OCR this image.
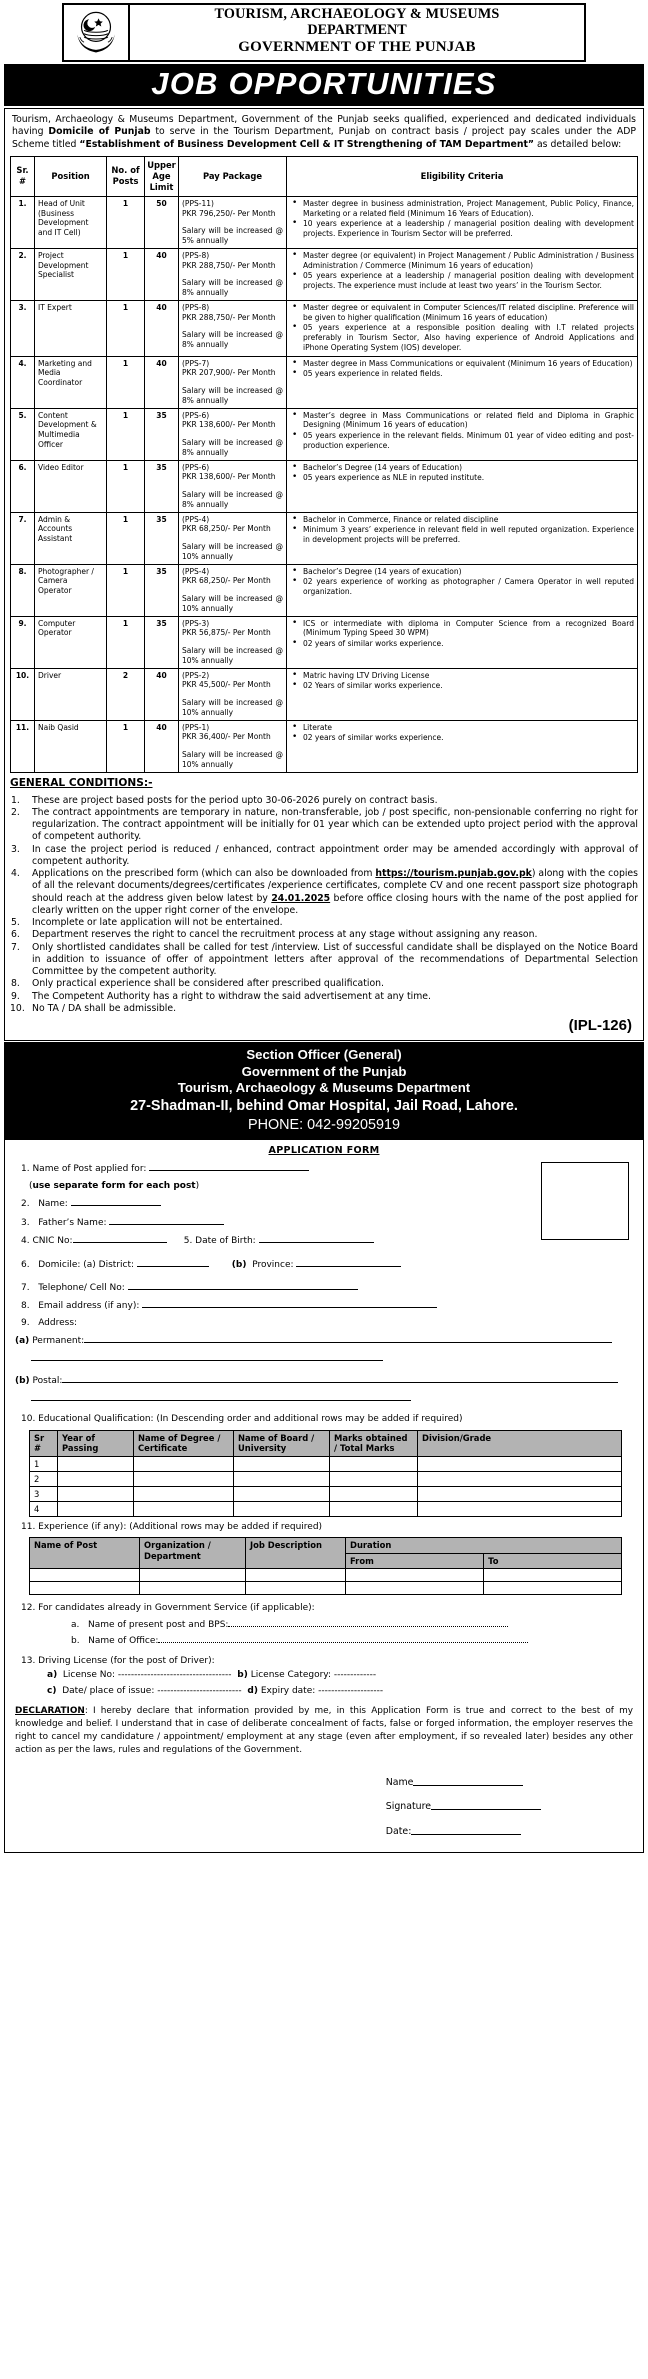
TOURISM, ARCHAEOLOGY & MUSEUMS
DEPARTMENT
GOVERNMENT OF THE PUNJAB
JOB OPPORTUNITIES

Tourism, Archaeology & Museums Department, Government of the Punjab seeks qualified, experienced and dedicated individuals having Domicile of Punjab to serve in the Tourism Department, Punjab on contract basis / project pay scales under the ADP Scheme titled “Establishment of Business Development Cell & IT Strengthening of TAM Department” as detailed below:

Sr. #	Position	No. of Posts	Upper Age Limit	Pay Package	Eligibility Criteria
1.	Head of Unit (Business Development and IT Cell)	1	50	(PPS-11)
PKR 796,250/- Per Month
Salary will be increased @ 5% annually

• Master degree in business administration, Project Management, Public Policy, Finance, Marketing or a related field (Minimum 16 Years of Education).
• 10 years experience at a leadership / managerial position dealing with development projects. Experience in Tourism Sector will be preferred.

2.	Project Development Specialist	1	40	(PPS-8)
PKR 288,750/- Per Month
Salary will be increased @ 8% annually

• Master degree (or equivalent) in Project Management / Public Administration / Business Administration / Commerce (Minimum 16 years of education)
• 05 years experience at a leadership / managerial position dealing with development projects. The experience must include at least two years’ in the Tourism Sector.

3.	IT Expert	1	40	(PPS-8)
PKR 288,750/- Per Month
Salary will be increased @ 8% annually

• Master degree or equivalent in Computer Sciences/IT related discipline. Preference will be given to higher qualification (Minimum 16 years of education)
• 05 years experience at a responsible position dealing with I.T related projects preferably in Tourism Sector, Also having experience of Android Applications and iPhone Operating System (IOS) developer.

4.	Marketing and Media Coordinator	1	40	(PPS-7)
PKR 207,900/- Per Month
Salary will be increased @ 8% annually

• Master degree in Mass Communications or equivalent (Minimum 16 years of Education)
• 05 years experience in related fields.

5.	Content Development & Multimedia Officer	1	35	(PPS-6)
PKR 138,600/- Per Month
Salary will be increased @ 8% annually

• Master’s degree in Mass Communications or related field and Diploma in Graphic Designing (Minimum 16 years of education)
• 05 years experience in the relevant fields. Minimum 01 year of video editing and post-production experience.

6.	Video Editor	1	35	(PPS-6)
PKR 138,600/- Per Month
Salary will be increased @ 8% annually

• Bachelor’s Degree (14 years of Education)
• 05 years experience as NLE in reputed institute.

7.	Admin & Accounts Assistant	1	35	(PPS-4)
PKR 68,250/- Per Month
Salary will be increased @ 10% annually

• Bachelor in Commerce, Finance or related discipline
• Minimum 3 years’ experience in relevant field in well reputed organization. Experience in development projects will be preferred.

8.	Photographer / Camera Operator	1	35	(PPS-4)
PKR 68,250/- Per Month
Salary will be increased @ 10% annually

• Bachelor’s Degree (14 years of exucation)
• 02 years experience of working as photographer / Camera Operator in well reputed organization.

9.	Computer Operator	1	35	(PPS-3)
PKR 56,875/- Per Month
Salary will be increased @ 10% annually

• ICS or intermediate with diploma in Computer Science from a recognized Board (Minimum Typing Speed 30 WPM)
• 02 years of similar works experience.

10.	Driver	2	40	(PPS-2)
PKR 45,500/- Per Month
Salary will be increased @ 10% annually

• Matric having LTV Driving License
• 02 Years of similar works experience.

11.	Naib Qasid	1	40	(PPS-1)
PKR 36,400/- Per Month
Salary will be increased @ 10% annually

• Literate
• 02 years of similar works experience.
GENERAL CONDITIONS:-
1.	These are project based posts for the period upto 30-06-2026 purely on contract basis.
2.	The contract appointments are temporary in nature, non-transferable, job / post specific, non-pensionable conferring no right for regularization. The contract appointment will be initially for 01 year which can be extended upto project period with the approval of competent authority.
3.	In case the project period is reduced / enhanced, contract appointment order may be amended accordingly with approval of competent authority.
4.	Applications on the prescribed form (which can also be downloaded from https://tourism.punjab.gov.pk) along with the copies of all the relevant documents/degrees/certificates /experience certificates, complete CV and one recent passport size photograph should reach at the address given below latest by 24.01.2025 before office closing hours with the name of the post applied for clearly written on the upper right corner of the envelope.
5.	Incomplete or late application will not be entertained.
6.	Department reserves the right to cancel the recruitment process at any stage without assigning any reason.
7.	Only shortlisted candidates shall be called for test /interview. List of successful candidate shall be displayed on the Notice Board in addition to issuance of offer of appointment letters after approval of the recommendations of Departmental Selection Committee by the competent authority.
8.	Only practical experience shall be considered after prescribed qualification.
9.	The Competent Authority has a right to withdraw the said advertisement at any time.
10. No TA / DA shall be admissible.
(IPL-126)
Section Officer (General)
Government of the Punjab
Tourism, Archaeology & Museums Department
27-Shadman-II, behind Omar Hospital, Jail Road, Lahore.
PHONE: 042-99205919
APPLICATION FORM
1. Name of Post applied for:
(use separate form for each post)
2. Name:
3. Father’s Name:
4. CNIC No:	5. Date of Birth:
6. Domicile: (a) District:	(b) Province:
7. Telephone/ Cell No:
8. Email address (if any):
9. Address:
(a) Permanent:
(b) Postal:
10. Educational Qualification: (In Descending order and additional rows may be added if required)
Sr #	Year of Passing	Name of Degree / Certificate	Name of Board / University	Marks obtained / Total Marks	Division/Grade
1					
2					
3					
4					
11. Experience (if any): (Additional rows may be added if required)
Name of Post	Organization / Department	Job Description	Duration	
			From	To

12. For candidates already in Government Service (if applicable):
a. Name of present post and BPS:
b. Name of Office:
13. Driving License (for the post of Driver):
a) License No: ----------------------------------- b) License Category: -------------
c) Date/ place of issue: -------------------------- d) Expiry date: --------------------

DECLARATION: I hereby declare that information provided by me, in this Application Form is true and correct to the best of my knowledge and belief. I understand that in case of deliberate concealment of facts, false or forged information, the employer reserves the right to cancel my candidature / appointment/ employment at any stage (even after employment, if so revealed later) besides any other action as per the laws, rules and regulations of the Government.

Name
Signature
Date:
